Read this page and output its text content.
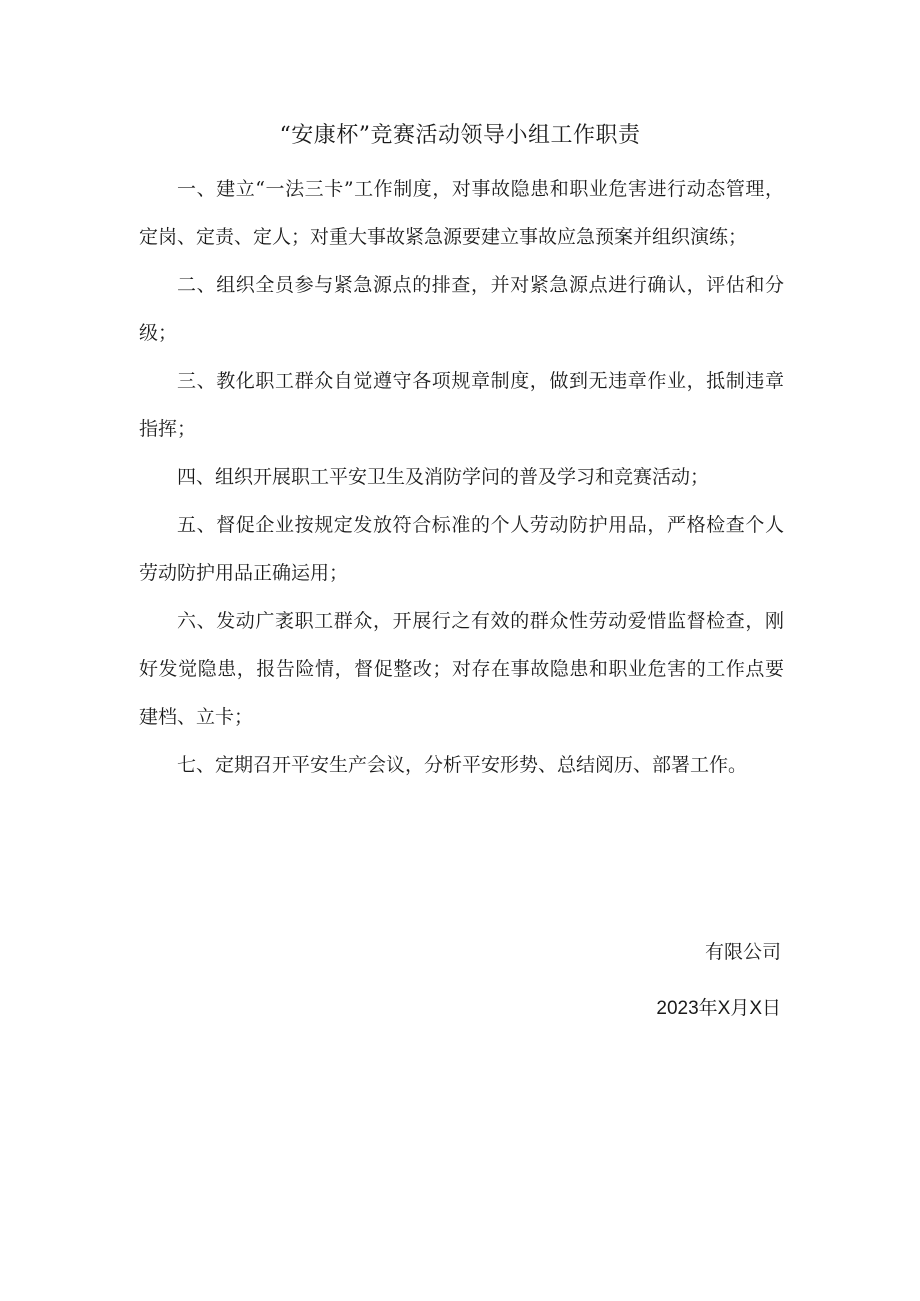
“安康杯”竞赛活动领导小组工作职责

一、建立“一法三卡”工作制度，对事故隐患和职业危害进行动态管理，定岗、定责、定人；对重大事故紧急源要建立事故应急预案并组织演练；

二、组织全员参与紧急源点的排查，并对紧急源点进行确认，评估和分级；

三、教化职工群众自觉遵守各项规章制度，做到无违章作业，抵制违章指挥；

四、组织开展职工平安卫生及消防学问的普及学习和竞赛活动；

五、督促企业按规定发放符合标准的个人劳动防护用品，严格检查个人劳动防护用品正确运用；

六、发动广袤职工群众，开展行之有效的群众性劳动爱惜监督检查，刚好发觉隐患，报告险情，督促整改；对存在事故隐患和职业危害的工作点要建档、立卡；

七、定期召开平安生产会议，分析平安形势、总结阅历、部署工作。

有限公司
2023年X月X日
